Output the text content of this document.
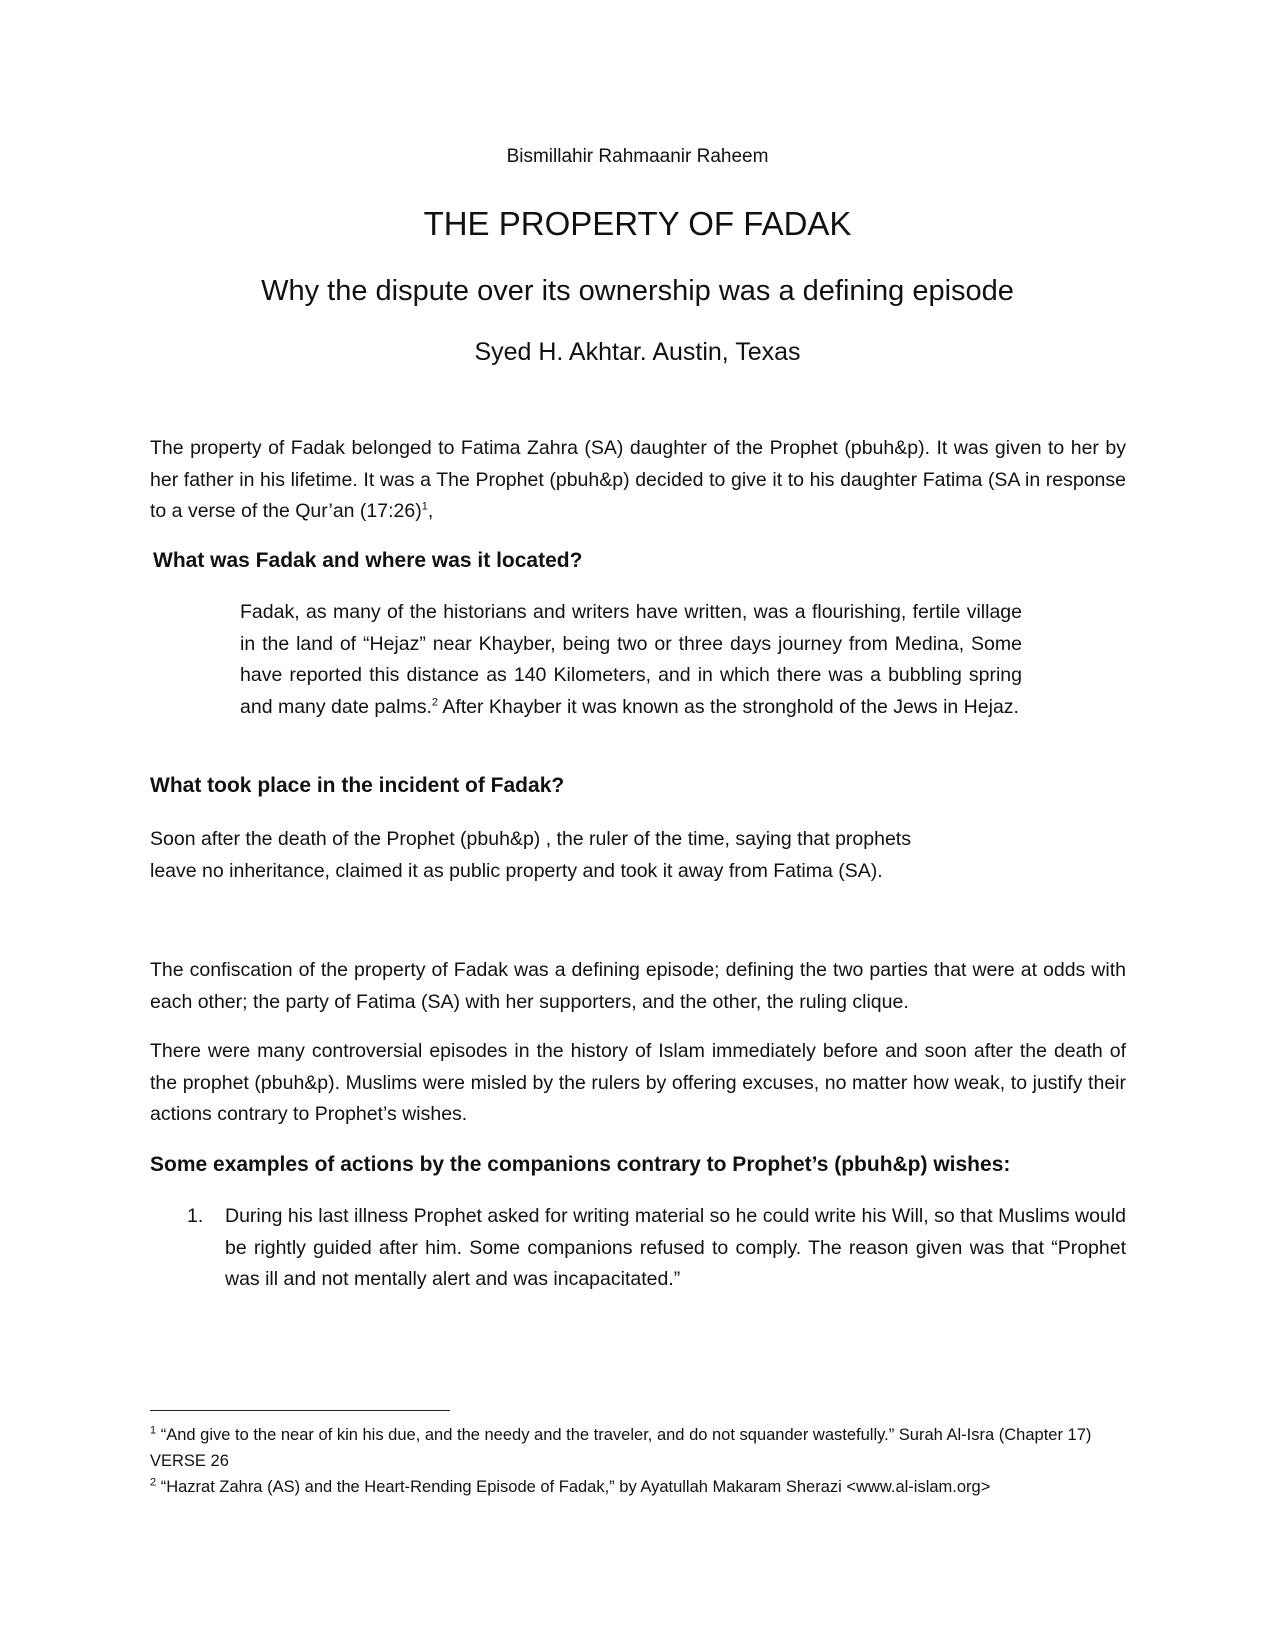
Bismillahir Rahmaanir Raheem
THE PROPERTY OF FADAK
Why the dispute over its ownership was a defining episode
Syed H. Akhtar. Austin, Texas

The property of Fadak belonged to Fatima Zahra (SA) daughter of the Prophet (pbuh&p). It was given to her by her father in his lifetime. It was a The Prophet (pbuh&p) decided to give it to his daughter Fatima (SA in response to a verse of the Qur’an (17:26)$^1$,

What was Fadak and where was it located?

Fadak, as many of the historians and writers have written, was a flourishing, fertile village in the land of “Hejaz” near Khayber, being two or three days journey from Medina, Some have reported this distance as 140 Kilometers, and in which there was a bubbling spring and many date palms.$^2$ After Khayber it was known as the stronghold of the Jews in Hejaz.

What took place in the incident of Fadak?

Soon after the death of the Prophet (pbuh&p) , the ruler of the time, saying that prophets
leave no inheritance, claimed it as public property and took it away from Fatima (SA).

The confiscation of the property of Fadak was a defining episode; defining the two parties that were at odds with each other; the party of Fatima (SA) with her supporters, and the other, the ruling clique.

There were many controversial episodes in the history of Islam immediately before and soon after the death of the prophet (pbuh&p). Muslims were misled by the rulers by offering excuses, no matter how weak, to justify their actions contrary to Prophet’s wishes.

Some examples of actions by the companions contrary to Prophet’s (pbuh&p) wishes:
1. During his last illness Prophet asked for writing material so he could write his Will, so that Muslims would be rightly guided after him. Some companions refused to comply. The reason given was that “Prophet was ill and not mentally alert and was incapacitated.”

$^1$ “And give to the near of kin his due, and the needy and the traveler, and do not squander wastefully.” Surah Al-Isra (Chapter 17) VERSE 26

$^2$ “Hazrat Zahra (AS) and the Heart-Rending Episode of Fadak,” by Ayatullah Makaram Sherazi <www.al-islam.org>
